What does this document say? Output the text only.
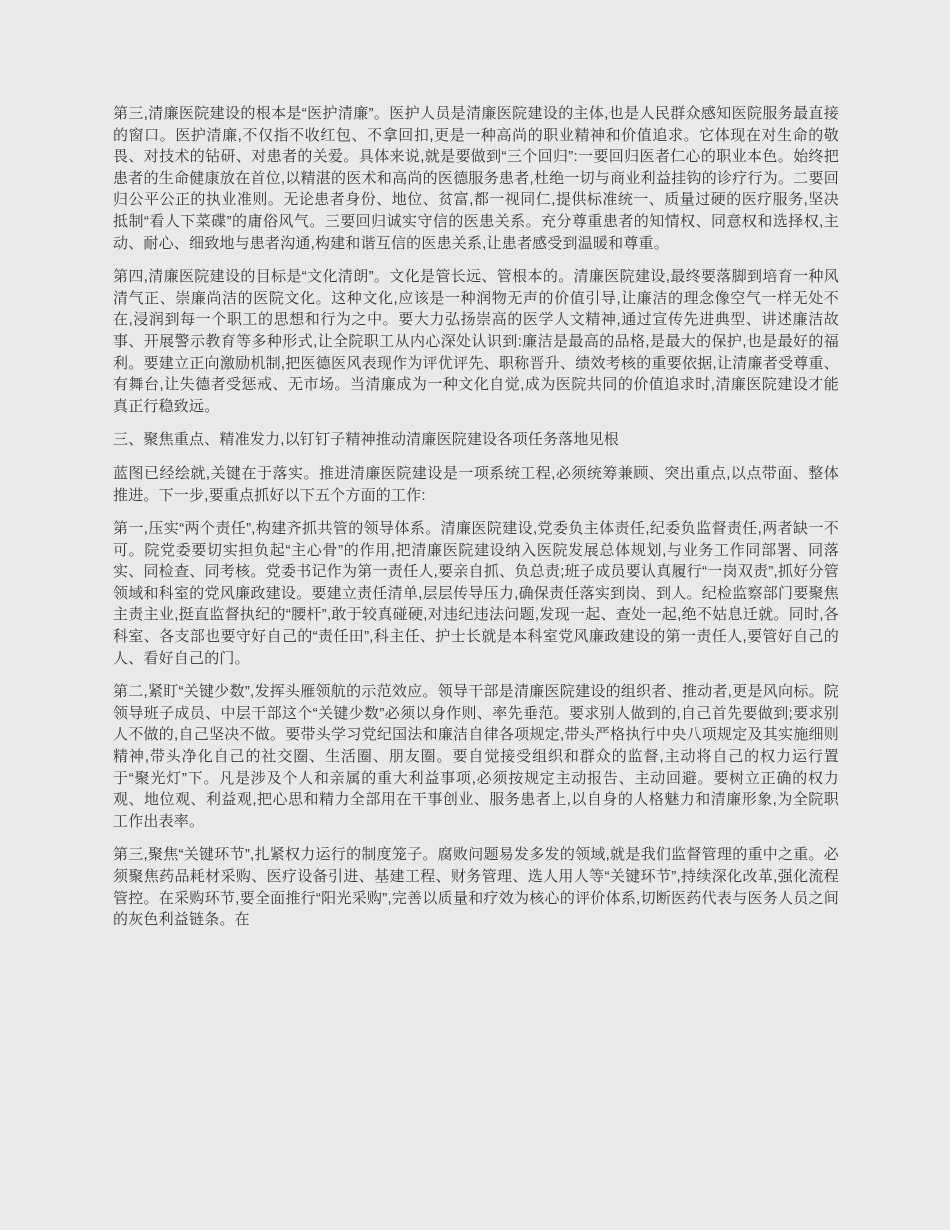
第三,清廉医院建设的根本是“医护清廉”。医护人员是清廉医院建设的主体,也是人民群众感知医院服务最直接的窗口。医护清廉,不仅指不收红包、不拿回扣,更是一种高尚的职业精神和价值追求。它体现在对生命的敬畏、对技术的钻研、对患者的关爱。具体来说,就是要做到“三个回归”:一要回归医者仁心的职业本色。始终把患者的生命健康放在首位,以精湛的医术和高尚的医德服务患者,杜绝一切与商业利益挂钩的诊疗行为。二要回归公平公正的执业准则。无论患者身份、地位、贫富,都一视同仁,提供标准统一、质量过硬的医疗服务,坚决抵制“看人下菜碟”的庸俗风气。三要回归诚实守信的医患关系。充分尊重患者的知情权、同意权和选择权,主动、耐心、细致地与患者沟通,构建和谐互信的医患关系,让患者感受到温暖和尊重。

第四,清廉医院建设的目标是“文化清朗”。文化是管长远、管根本的。清廉医院建设,最终要落脚到培育一种风清气正、崇廉尚洁的医院文化。这种文化,应该是一种润物无声的价值引导,让廉洁的理念像空气一样无处不在,浸润到每一个职工的思想和行为之中。要大力弘扬崇高的医学人文精神,通过宣传先进典型、讲述廉洁故事、开展警示教育等多种形式,让全院职工从内心深处认识到:廉洁是最高的品格,是最大的保护,也是最好的福利。要建立正向激励机制,把医德医风表现作为评优评先、职称晋升、绩效考核的重要依据,让清廉者受尊重、有舞台,让失德者受惩戒、无市场。当清廉成为一种文化自觉,成为医院共同的价值追求时,清廉医院建设才能真正行稳致远。

三、聚焦重点、精准发力,以钉钉子精神推动清廉医院建设各项任务落地见根

蓝图已经绘就,关键在于落实。推进清廉医院建设是一项系统工程,必须统筹兼顾、突出重点,以点带面、整体推进。下一步,要重点抓好以下五个方面的工作:

第一,压实“两个责任”,构建齐抓共管的领导体系。清廉医院建设,党委负主体责任,纪委负监督责任,两者缺一不可。院党委要切实担负起“主心骨”的作用,把清廉医院建设纳入医院发展总体规划,与业务工作同部署、同落实、同检查、同考核。党委书记作为第一责任人,要亲自抓、负总责;班子成员要认真履行“一岗双责”,抓好分管领域和科室的党风廉政建设。要建立责任清单,层层传导压力,确保责任落实到岗、到人。纪检监察部门要聚焦主责主业,挺直监督执纪的“腰杆”,敢于较真碰硬,对违纪违法问题,发现一起、查处一起,绝不姑息迁就。同时,各科室、各支部也要守好自己的“责任田”,科主任、护士长就是本科室党风廉政建设的第一责任人,要管好自己的人、看好自己的门。

第二,紧盯“关键少数”,发挥头雁领航的示范效应。领导干部是清廉医院建设的组织者、推动者,更是风向标。院领导班子成员、中层干部这个“关键少数”必须以身作则、率先垂范。要求别人做到的,自己首先要做到;要求别人不做的,自己坚决不做。要带头学习党纪国法和廉洁自律各项规定,带头严格执行中央八项规定及其实施细则精神,带头净化自己的社交圈、生活圈、朋友圈。要自觉接受组织和群众的监督,主动将自己的权力运行置于“聚光灯”下。凡是涉及个人和亲属的重大利益事项,必须按规定主动报告、主动回避。要树立正确的权力观、地位观、利益观,把心思和精力全部用在干事创业、服务患者上,以自身的人格魅力和清廉形象,为全院职工作出表率。

第三,聚焦“关键环节”,扎紧权力运行的制度笼子。腐败问题易发多发的领域,就是我们监督管理的重中之重。必须聚焦药品耗材采购、医疗设备引进、基建工程、财务管理、选人用人等“关键环节”,持续深化改革,强化流程管控。在采购环节,要全面推行“阳光采购”,完善以质量和疗效为核心的评价体系,切断医药代表与医务人员之间的灰色利益链条。在
